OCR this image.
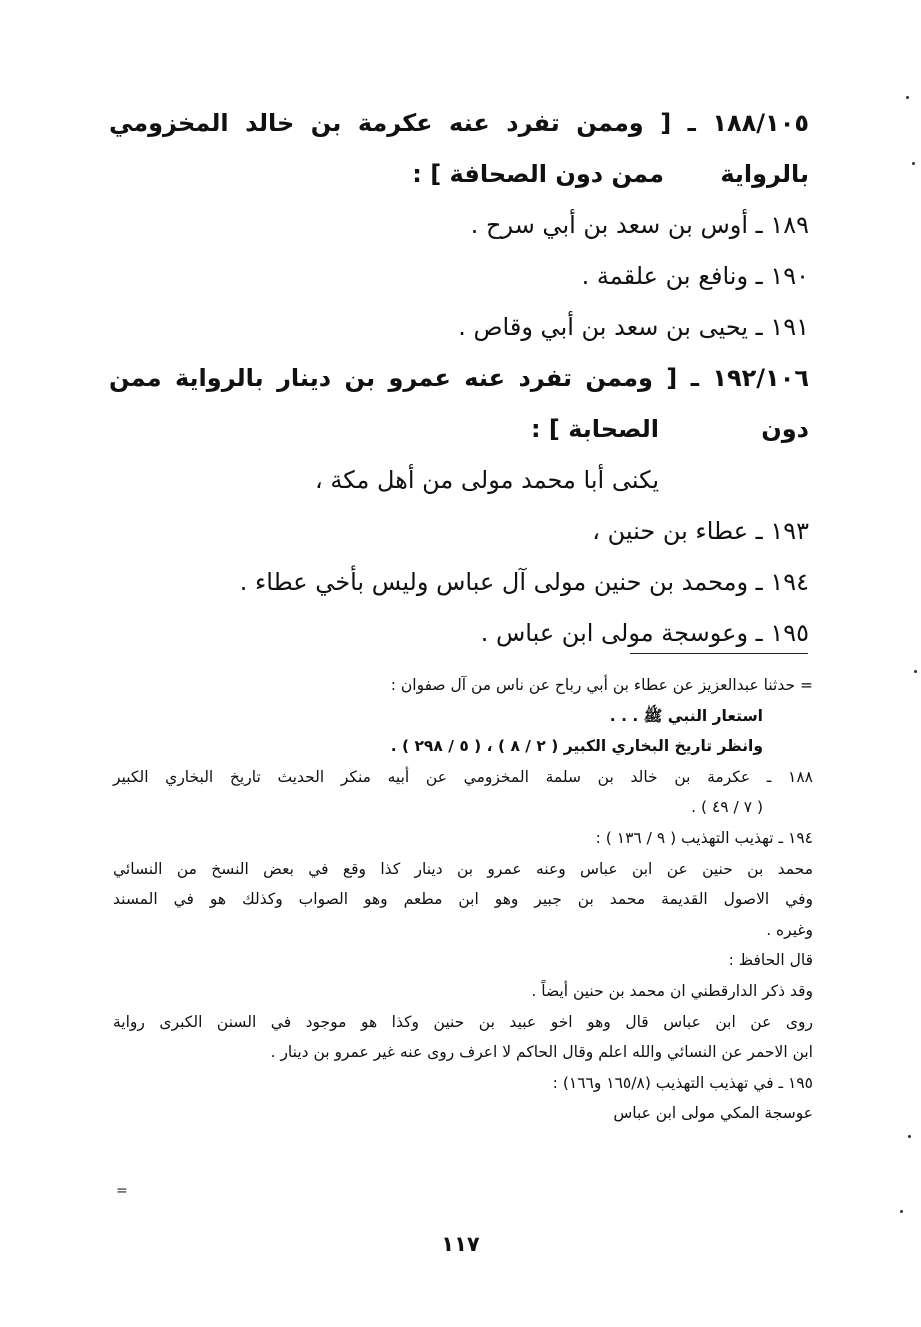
١٨٨/١٠٥ ـ [ وممن تفرد عنه عكرمة بن خالد المخزومي بالرواية
ممن دون الصحافة ] :
١٨٩ ـ أوس بن سعد بن أبي سرح .
١٩٠ ـ ونافع بن علقمة .
١٩١ ـ يحيى بن سعد بن أبي وقاص .
١٩٢/١٠٦ ـ [ وممن تفرد عنه عمرو بن دينار بالرواية ممن دون
الصحابة ] :
يكنى أبا محمد مولى من أهل مكة ،
١٩٣ ـ عطاء بن حنين ،
١٩٤ ـ ومحمد بن حنين مولى آل عباس وليس بأخي عطاء .
١٩٥ ـ وعوسجة مولى ابن عباس .
= حدثنا عبدالعزيز عن عطاء بن أبي رباح عن ناس من آل صفوان :
استعار النبي ﷺ . . .
وانظر تاريخ البخاري الكبير ( ٢ / ٨ ) ، ( ٥ / ٢٩٨ ) .
١٨٨ ـ عكرمة بن خالد بن سلمة المخزومي عن أبيه منكر الحديث تاريخ البخاري الكبير
( ٧ / ٤٩ ) .
١٩٤ ـ تهذيب التهذيب ( ٩ / ١٣٦ ) :
محمد بن حنين عن ابن عباس وعنه عمرو بن دينار كذا وقع في بعض النسخ من النسائي
وفي الاصول القديمة محمد بن جبير وهو ابن مطعم وهو الصواب وكذلك هو في المسند
وغيره .
قال الحافظ :
وقد ذكر الدارقطني ان محمد بن حنين أيضاً .
روى عن ابن عباس قال وهو اخو عبيد بن حنين وكذا هو موجود في السنن الكبرى رواية
ابن الاحمر عن النسائي والله اعلم وقال الحاكم لا اعرف روى عنه غير عمرو بن دينار .
١٩٥ ـ في تهذيب التهذيب (١٦٥/٨ و١٦٦) :
عوسجة المكي مولى ابن عباس
=
١١٧
